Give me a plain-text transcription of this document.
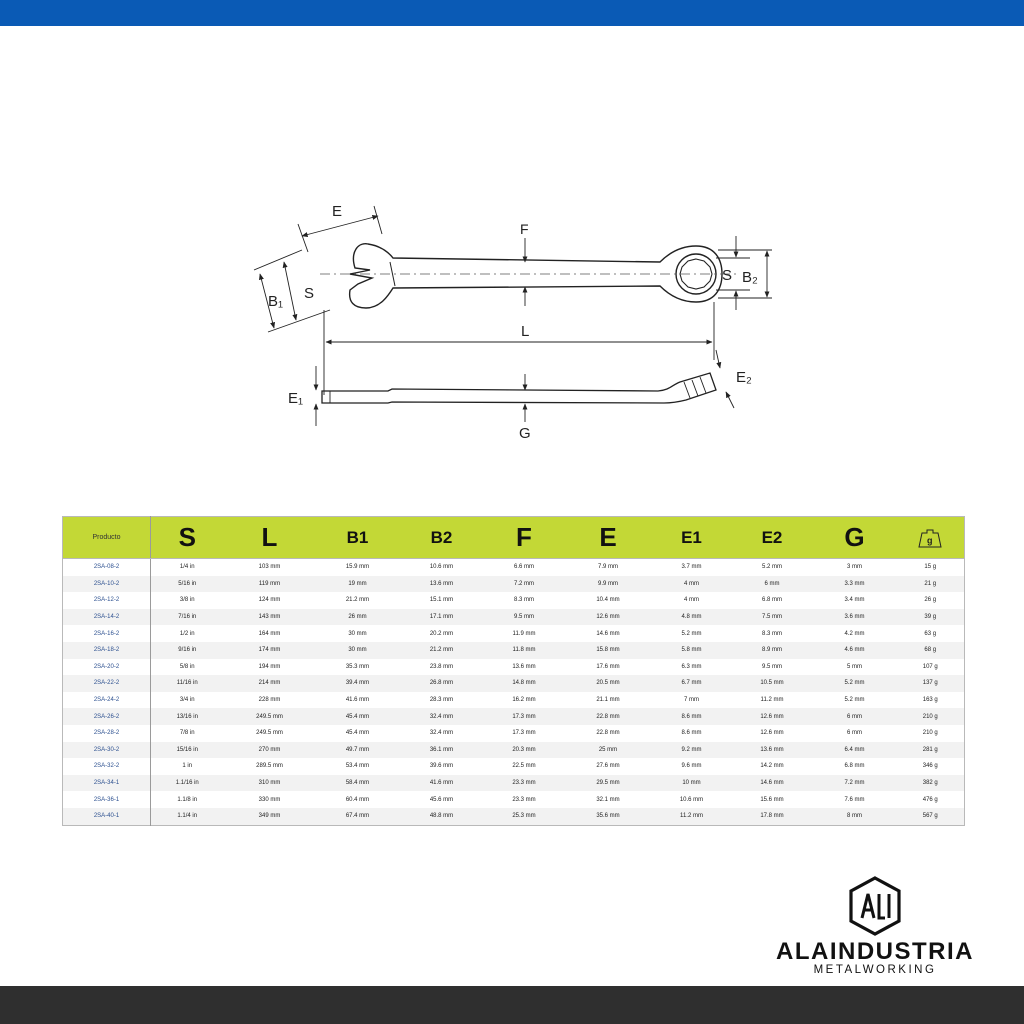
E
F
B₁ S
S B₂
L
E₁
E₂
G
Producto	S	L	B1	B2	F	E	E1	E2	G	g

2SA-08-2	1/4 in	103 mm	15.9 mm	10.6 mm	6.6 mm	7.9 mm	3.7 mm	5.2 mm	3 mm	15 g
2SA-10-2	5/16 in	119 mm	19 mm	13.6 mm	7.2 mm	9.9 mm	4 mm	6 mm	3.3 mm	21 g
2SA-12-2	3/8 in	124 mm	21.2 mm	15.1 mm	8.3 mm	10.4 mm	4 mm	6.8 mm	3.4 mm	26 g
2SA-14-2	7/16 in	143 mm	26 mm	17.1 mm	9.5 mm	12.6 mm	4.8 mm	7.5 mm	3.6 mm	39 g
2SA-16-2	1/2 in	164 mm	30 mm	20.2 mm	11.9 mm	14.6 mm	5.2 mm	8.3 mm	4.2 mm	63 g
2SA-18-2	9/16 in	174 mm	30 mm	21.2 mm	11.8 mm	15.8 mm	5.8 mm	8.9 mm	4.6 mm	68 g
2SA-20-2	5/8 in	194 mm	35.3 mm	23.8 mm	13.6 mm	17.6 mm	6.3 mm	9.5 mm	5 mm	107 g
2SA-22-2	11/16 in	214 mm	39.4 mm	26.8 mm	14.8 mm	20.5 mm	6.7 mm	10.5 mm	5.2 mm	137 g
2SA-24-2	3/4 in	228 mm	41.6 mm	28.3 mm	16.2 mm	21.1 mm	7 mm	11.2 mm	5.2 mm	163 g
2SA-26-2	13/16 in	249.5 mm	45.4 mm	32.4 mm	17.3 mm	22.8 mm	8.6 mm	12.6 mm	6 mm	210 g
2SA-28-2	7/8 in	249.5 mm	45.4 mm	32.4 mm	17.3 mm	22.8 mm	8.6 mm	12.6 mm	6 mm	210 g
2SA-30-2	15/16 in	270 mm	49.7 mm	36.1 mm	20.3 mm	25 mm	9.2 mm	13.6 mm	6.4 mm	281 g
2SA-32-2	1 in	289.5 mm	53.4 mm	39.6 mm	22.5 mm	27.6 mm	9.6 mm	14.2 mm	6.8 mm	346 g
2SA-34-1	1.1/16 in	310 mm	58.4 mm	41.6 mm	23.3 mm	29.5 mm	10 mm	14.6 mm	7.2 mm	382 g
2SA-36-1	1.1/8 in	330 mm	60.4 mm	45.6 mm	23.3 mm	32.1 mm	10.6 mm	15.6 mm	7.6 mm	476 g
2SA-40-1	1.1/4 in	349 mm	67.4 mm	48.8 mm	25.3 mm	35.6 mm	11.2 mm	17.8 mm	8 mm	567 g
ALAINDUSTRIA
METALWORKING
